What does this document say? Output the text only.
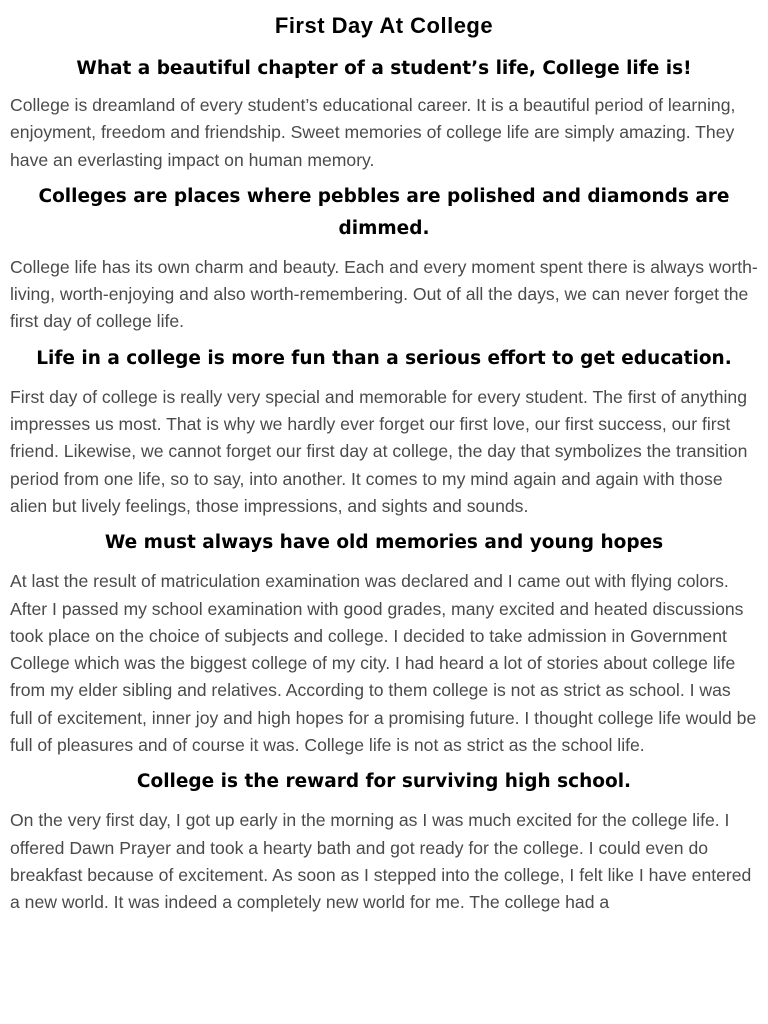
First Day At College
What a beautiful chapter of a student’s life, College life is!

College is dreamland of every student’s educational career. It is a beautiful period of learning, enjoyment, freedom and friendship. Sweet memories of college life are simply amazing. They have an everlasting impact on human memory.

Colleges are places where pebbles are polished and diamonds are dimmed.

College life has its own charm and beauty. Each and every moment spent there is always worth-living, worth-enjoying and also worth-remembering. Out of all the days, we can never forget the first day of college life.

Life in a college is more fun than a serious effort to get education.

First day of college is really very special and memorable for every student. The first of anything impresses us most. That is why we hardly ever forget our first love, our first success, our first friend. Likewise, we cannot forget our first day at college, the day that symbolizes the transition period from one life, so to say, into another. It comes to my mind again and again with those alien but lively feelings, those impressions, and sights and sounds.

We must always have old memories and young hopes

At last the result of matriculation examination was declared and I came out with flying colors. After I passed my school examination with good grades, many excited and heated discussions took place on the choice of subjects and college. I decided to take admission in Government College which was the biggest college of my city. I had heard a lot of stories about college life from my elder sibling and relatives. According to them college is not as strict as school. I was full of excitement, inner joy and high hopes for a promising future. I thought college life would be full of pleasures and of course it was. College life is not as strict as the school life.

College is the reward for surviving high school.

On the very first day, I got up early in the morning as I was much excited for the college life. I offered Dawn Prayer and took a hearty bath and got ready for the college. I could even do breakfast because of excitement. As soon as I stepped into the college, I felt like I have entered a new world. It was indeed a completely new world for me. The college had a
